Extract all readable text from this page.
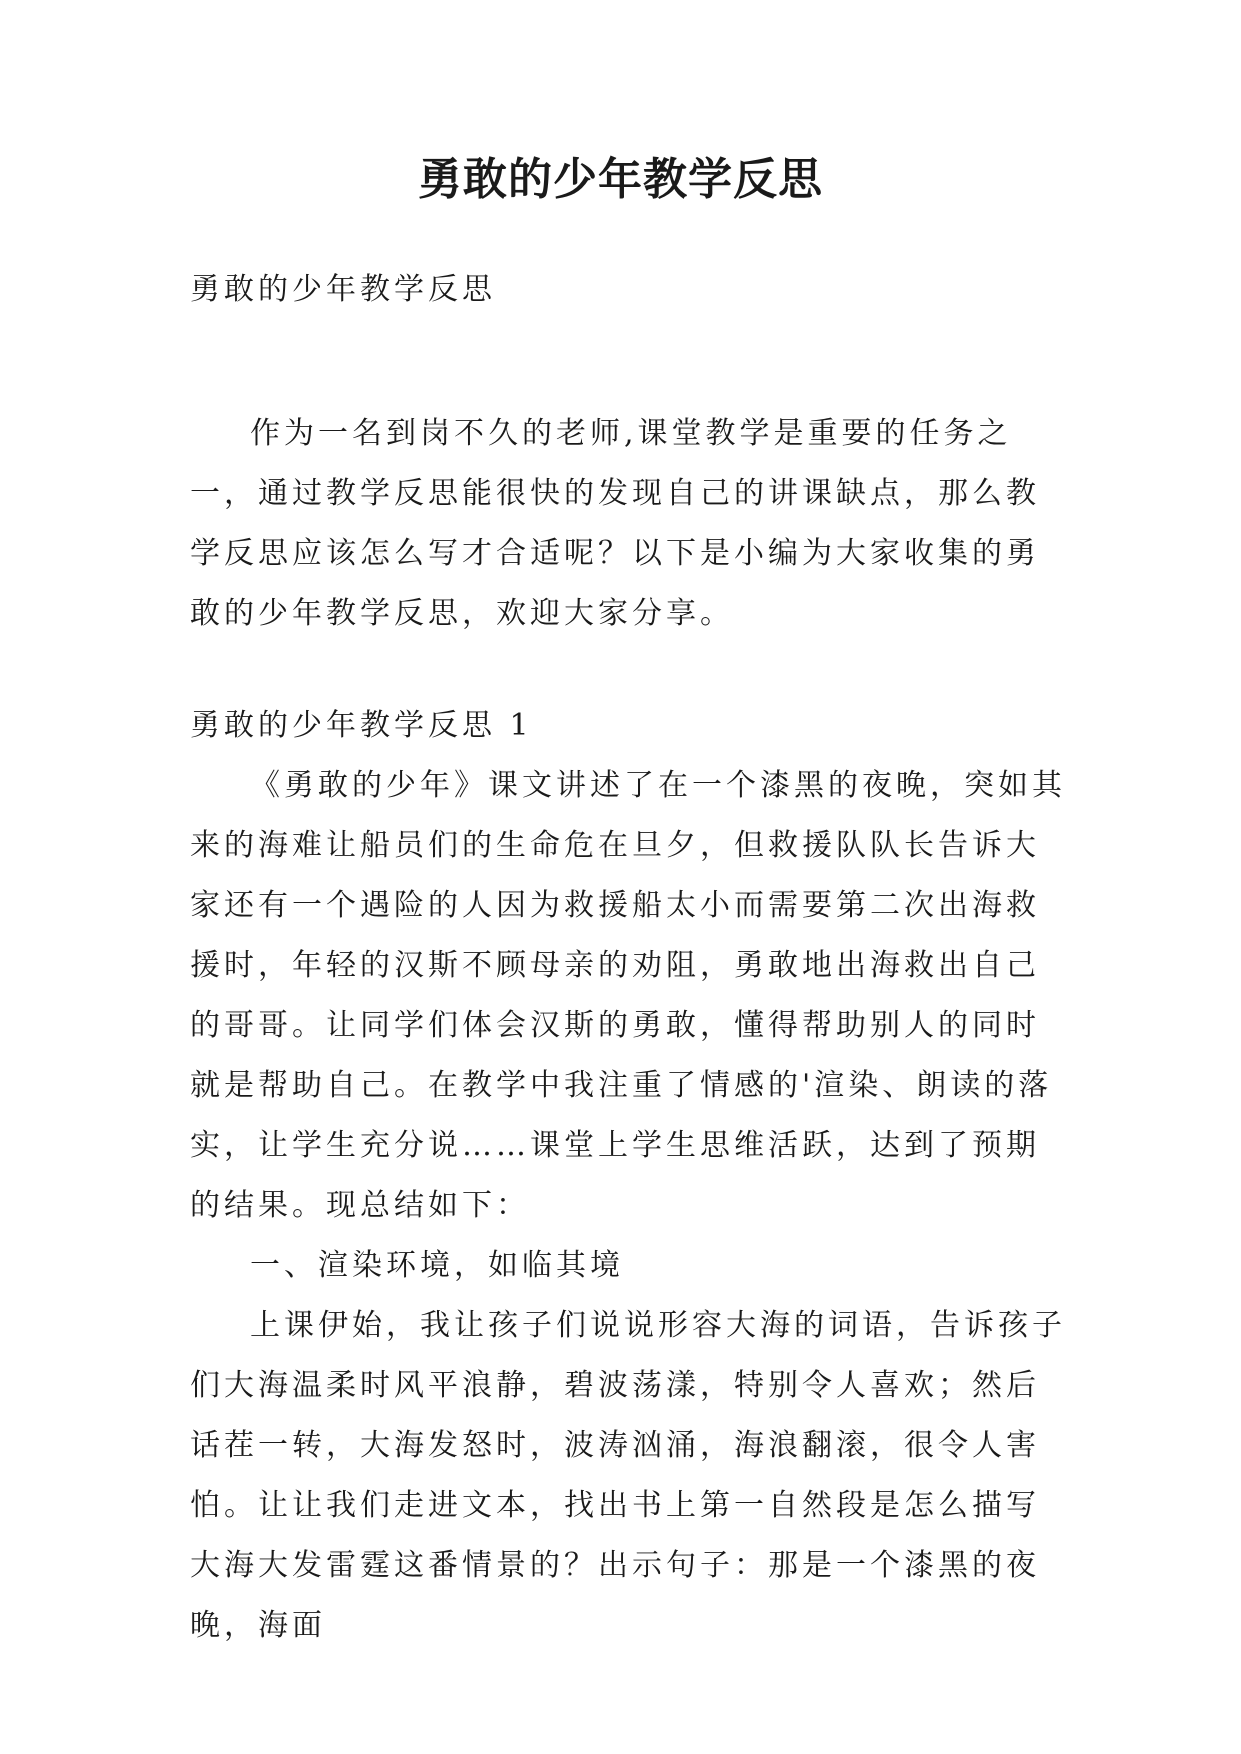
勇敢的少年教学反思
勇敢的少年教学反思

作为一名到岗不久的老师,课堂教学是重要的任务之一，通过教学反思能很快的发现自己的讲课缺点，那么教学反思应该怎么写才合适呢？以下是小编为大家收集的勇敢的少年教学反思，欢迎大家分享。

勇敢的少年教学反思 1

《勇敢的少年》课文讲述了在一个漆黑的夜晚，突如其来的海难让船员们的生命危在旦夕，但救援队队长告诉大家还有一个遇险的人因为救援船太小而需要第二次出海救援时，年轻的汉斯不顾母亲的劝阻，勇敢地出海救出自己的哥哥。让同学们体会汉斯的勇敢，懂得帮助别人的同时就是帮助自己。在教学中我注重了情感的'渲染、朗读的落实，让学生充分说……课堂上学生思维活跃，达到了预期的结果。现总结如下：

一、渲染环境，如临其境

上课伊始，我让孩子们说说形容大海的词语，告诉孩子们大海温柔时风平浪静，碧波荡漾，特别令人喜欢；然后话茬一转，大海发怒时，波涛汹涌，海浪翻滚，很令人害怕。让让我们走进文本，找出书上第一自然段是怎么描写大海大发雷霆这番情景的？出示句子：那是一个漆黑的夜晚，海面
